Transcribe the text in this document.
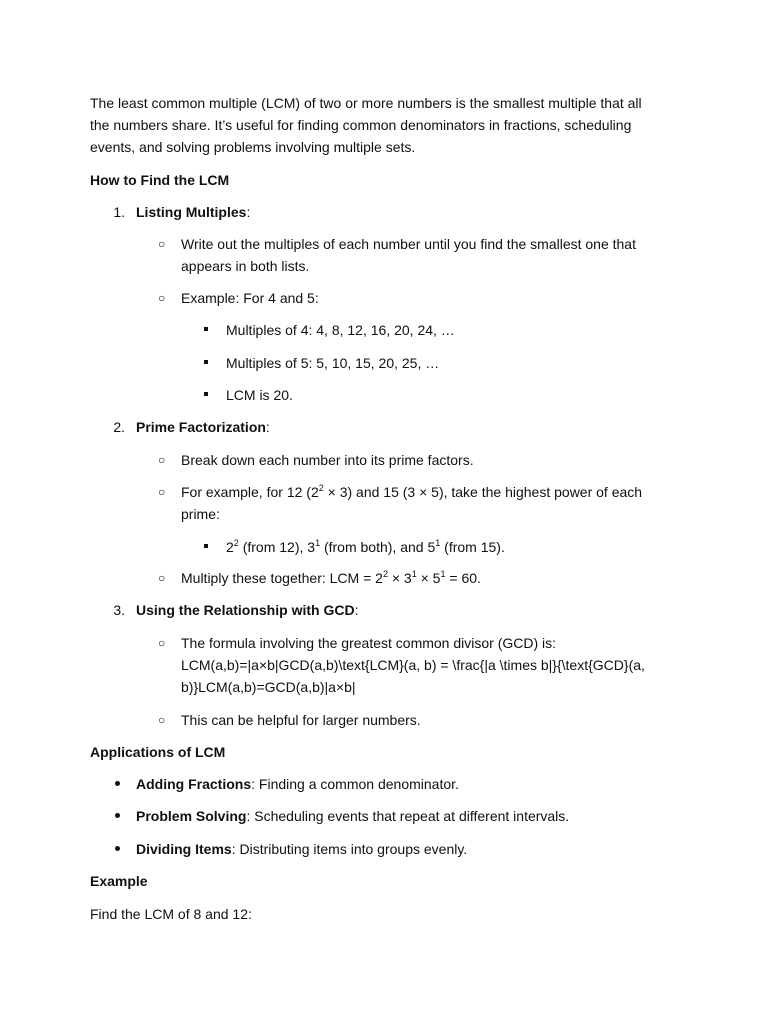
The least common multiple (LCM) of two or more numbers is the smallest multiple that all

the numbers share. It’s useful for finding common denominators in fractions, scheduling

events, and solving problems involving multiple sets.

How to Find the LCM

1. Listing Multiples:

○ Write out the multiples of each number until you find the smallest one that

appears in both lists.

○ Example: For 4 and 5:

Multiples of 4: 4, 8, 12, 16, 20, 24, …

Multiples of 5: 5, 10, 15, 20, 25, …

LCM is 20.

2. Prime Factorization:

○ Break down each number into its prime factors.

○ For example, for 12 $(2^2 \times 3)$ and 15 (3 × 5), take the highest power of each

prime:

$2^2$ (from 12), $3^1$ (from both), and $5^1$ (from 15).

○ Multiply these together: LCM = $2^2 \times 3^1 \times 5^1 = 60$.

3. Using the Relationship with GCD:

○ The formula involving the greatest common divisor (GCD) is:

LCM(a,b)=|a×b|GCD(a,b)\text{LCM}(a, b) = \frac{|a \times b|}{\text{GCD}(a,

b)}LCM(a,b)=GCD(a,b)|a×b|

○ This can be helpful for larger numbers.

Applications of LCM

Adding Fractions: Finding a common denominator.

Problem Solving: Scheduling events that repeat at different intervals.

Dividing Items: Distributing items into groups evenly.

Example

Find the LCM of 8 and 12:
